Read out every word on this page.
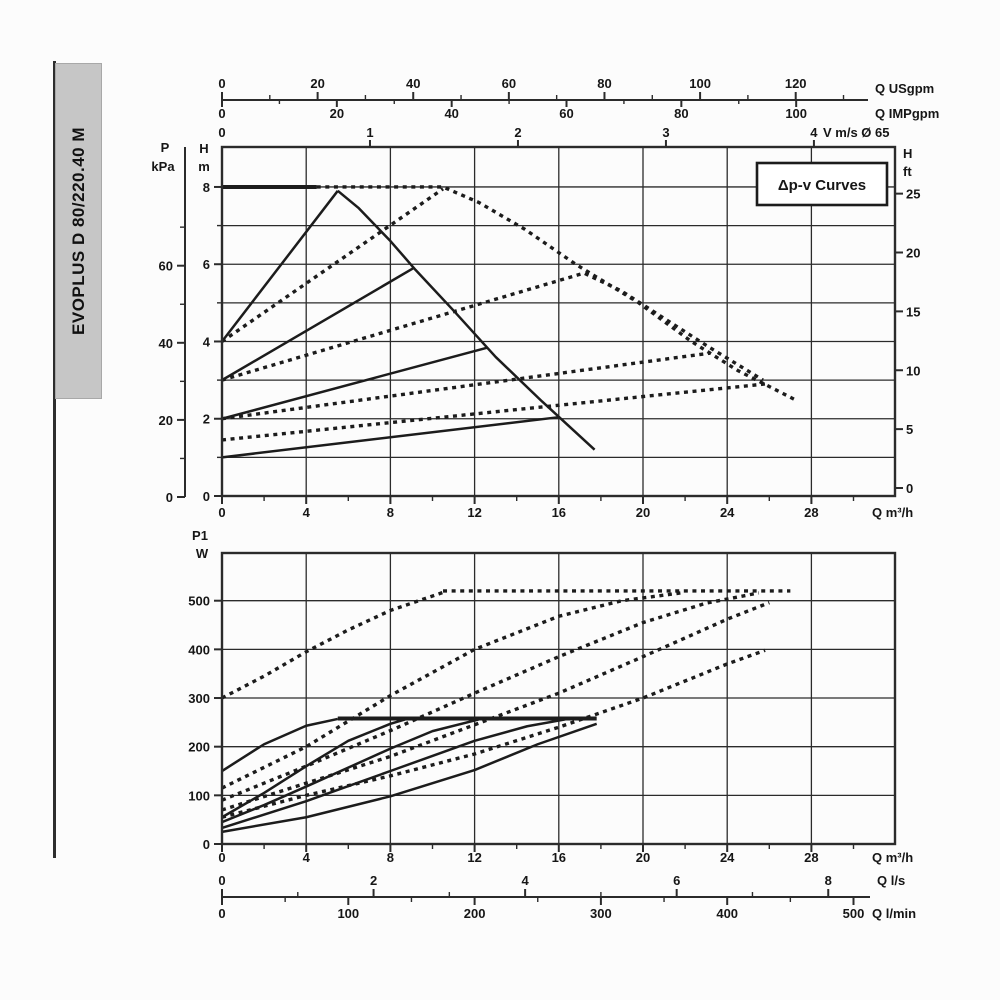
EVOPLUS D 80/220.40 M
0	4	8	12	16	20	24	28	Q m³/h
0	20	40	60	80	100	120	Q USgpm
0	20	40	60	80	100	Q IMPgpm
0	1	2	3	4 V m/s Ø 65
0
2
4
6
8
H
m
0
20
40
60
P
kPa
0
5
10
15
20
25
H
ft
Δp-v Curves
0
100
200
300
400
500
P1
W
0	4	8	12	16	20	24	28	Q m³/h
0	2	4	6	8	Q l/s
0	100	200	300	400	500 Q l/min
